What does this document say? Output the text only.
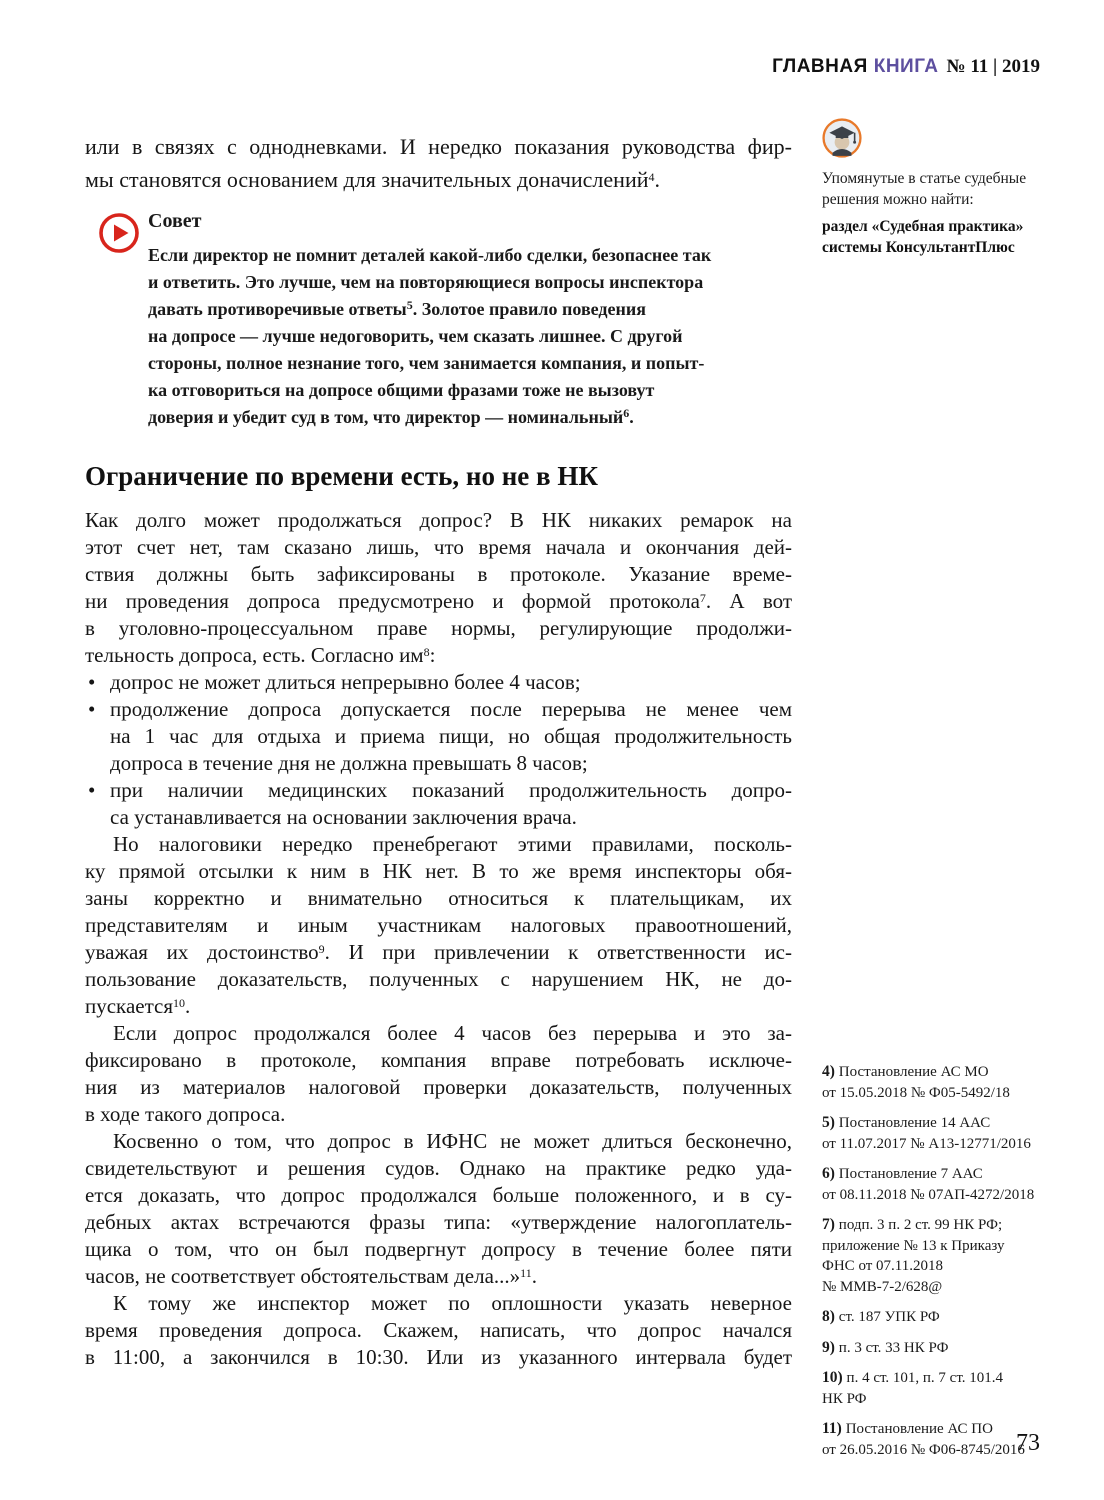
ГЛАВНАЯ КНИГА № 11 | 2019
Упомянутые в статье судебные
решения можно найти:
раздел «Судебная практика»
системы КонсультантПлюс
или в связях с однодневками. И нередко показания руководства фир-
мы становятся основанием для значительных доначислений$^4$.
Совет
Если директор не помнит деталей какой-либо сделки, безопаснее так
и ответить. Это лучше, чем на повторяющиеся вопросы инспектора
давать противоречивые ответы$^5$. Золотое правило поведения
на допросе — лучше недоговорить, чем сказать лишнее. С другой
стороны, полное незнание того, чем занимается компания, и попыт-
ка отговориться на допросе общими фразами тоже не вызовут
доверия и убедит суд в том, что директор — номинальный$^6$.
Ограничение по времени есть, но не в НК
Как долго может продолжаться допрос? В НК никаких ремарок на
этот счет нет, там сказано лишь, что время начала и окончания дей-
ствия должны быть зафиксированы в протоколе. Указание време-
ни проведения допроса предусмотрено и формой протокола$^7$. А вот
в уголовно-процессуальном праве нормы, регулирующие продолжи-
тельность допроса, есть. Согласно $им^8$:
• допрос не может длиться непрерывно более 4 часов;
• продолжение допроса допускается после перерыва не менее чем
на 1 час для отдыха и приема пищи, но общая продолжительность
допроса в течение дня не должна превышать 8 часов;
• при наличии медицинских показаний продолжительность допро-
са устанавливается на основании заключения врача.
Но налоговики нередко пренебрегают этими правилами, посколь-
ку прямой отсылки к ним в НК нет. В то же время инспекторы обя-
заны корректно и внимательно относиться к плательщикам, их
представителям и иным участникам налоговых правоотношений,
уважая их достоинство$^9$. И при привлечении к ответственности ис-
пользование доказательств, полученных с нарушением НК, не до-
пускается$^{10}$.
Если допрос продолжался более 4 часов без перерыва и это за-
фиксировано в протоколе, компания вправе потребовать исключе-
ния из материалов налоговой проверки доказательств, полученных
в ходе такого допроса.
Косвенно о том, что допрос в ИФНС не может длиться бесконечно,
свидетельствуют и решения судов. Однако на практике редко уда-
ется доказать, что допрос продолжался больше положенного, и в су-
дебных актах встречаются фразы типа: «утверждение налогоплатель-
щика о том, что он был подвергнут допросу в течение более пяти
часов, не соответствует обстоятельствам дела...»$^{11}$.
К тому же инспектор может по оплошности указать неверное
время проведения допроса. Скажем, написать, что допрос начался
в 11:00, а закончился в 10:30. Или из указанного интервала будет
4) Постановление АС МО
от 15.05.2018 № Ф05-5492/18
5) Постановление 14 ААС
от 11.07.2017 № А13-12771/2016
6) Постановление 7 ААС
от 08.11.2018 № 07АП-4272/2018
7) подп. 3 п. 2 ст. 99 НК РФ;
приложение № 13 к Приказу
ФНС от 07.11.2018
№ ММВ-7-2/628@
8) ст. 187 УПК РФ
9) п. 3 ст. 33 НК РФ
10) п. 4 ст. 101, п. 7 ст. 101.4
НК РФ
11) Постановление АС ПО
от 26.05.2016 № Ф06-8745/2016
73
